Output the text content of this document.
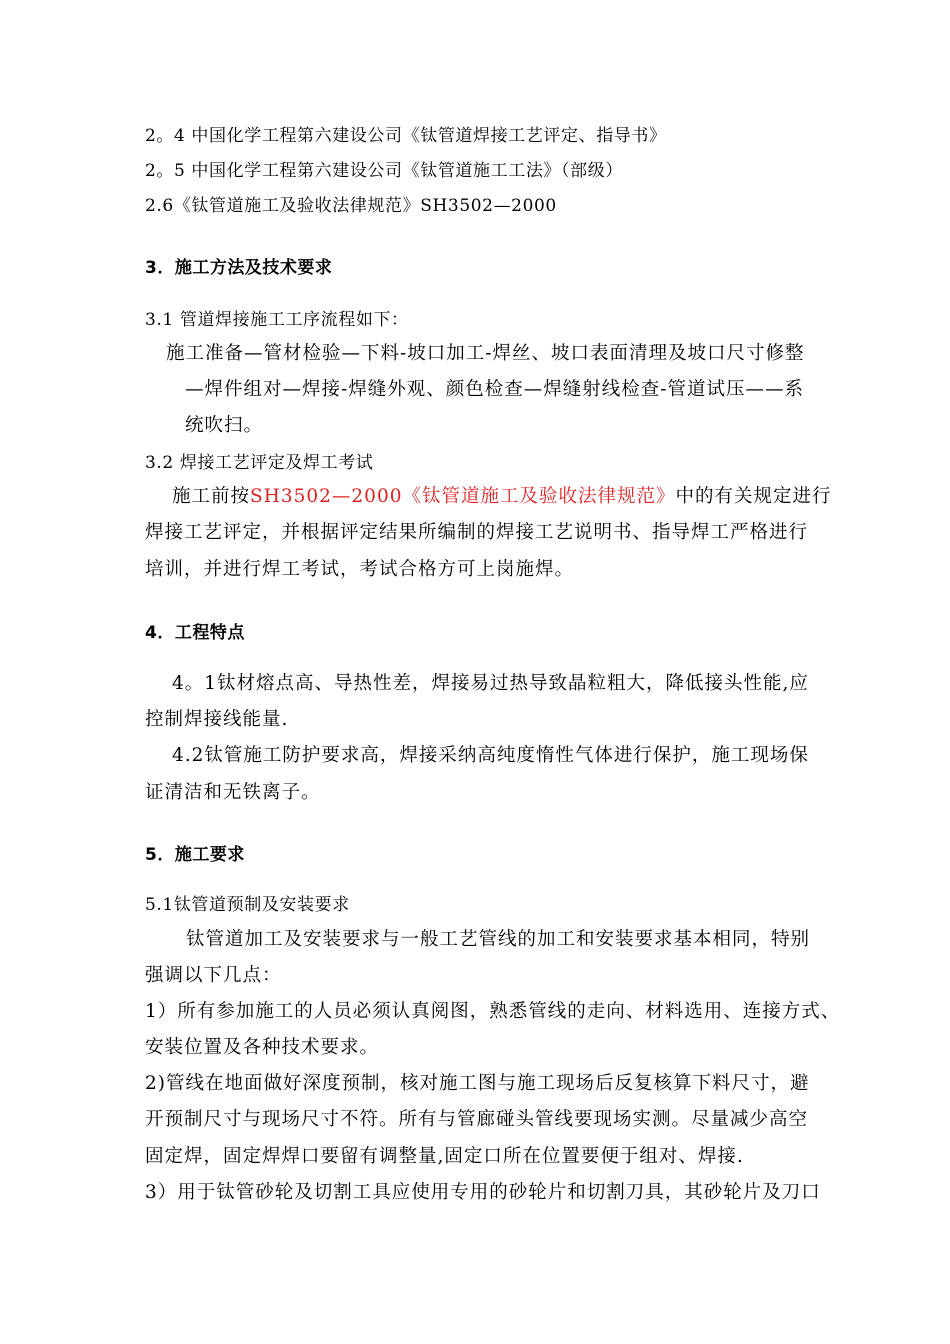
2。4 中国化学工程第六建设公司《钛管道焊接工艺评定、指导书》
2。5 中国化学工程第六建设公司《钛管道施工工法》（部级）
2.6《钛管道施工及验收法律规范》SH3502—2000
3．施工方法及技术要求
3.1 管道焊接施工工序流程如下：
施工准备—管材检验—下料-坡口加工-焊丝、坡口表面清理及坡口尺寸修整
—焊件组对—焊接-焊缝外观、颜色检查—焊缝射线检查-管道试压——系
统吹扫。
3.2 焊接工艺评定及焊工考试
施工前按SH3502—2000《钛管道施工及验收法律规范》中的有关规定进行
焊接工艺评定，并根据评定结果所编制的焊接工艺说明书、指导焊工严格进行
培训，并进行焊工考试，考试合格方可上岗施焊。
4．工程特点
4。1钛材熔点高、导热性差，焊接易过热导致晶粒粗大，降低接头性能,应
控制焊接线能量.
4.2钛管施工防护要求高，焊接采纳高纯度惰性气体进行保护，施工现场保
证清洁和无铁离子。
5．施工要求
5.1钛管道预制及安装要求
钛管道加工及安装要求与一般工艺管线的加工和安装要求基本相同，特别
强调以下几点：
1）所有参加施工的人员必须认真阅图，熟悉管线的走向、材料选用、连接方式、
安装位置及各种技术要求。
2)管线在地面做好深度预制，核对施工图与施工现场后反复核算下料尺寸，避
开预制尺寸与现场尺寸不符。所有与管廊碰头管线要现场实测。尽量减少高空
固定焊，固定焊焊口要留有调整量,固定口所在位置要便于组对、焊接.
3）用于钛管砂轮及切割工具应使用专用的砂轮片和切割刀具，其砂轮片及刀口
